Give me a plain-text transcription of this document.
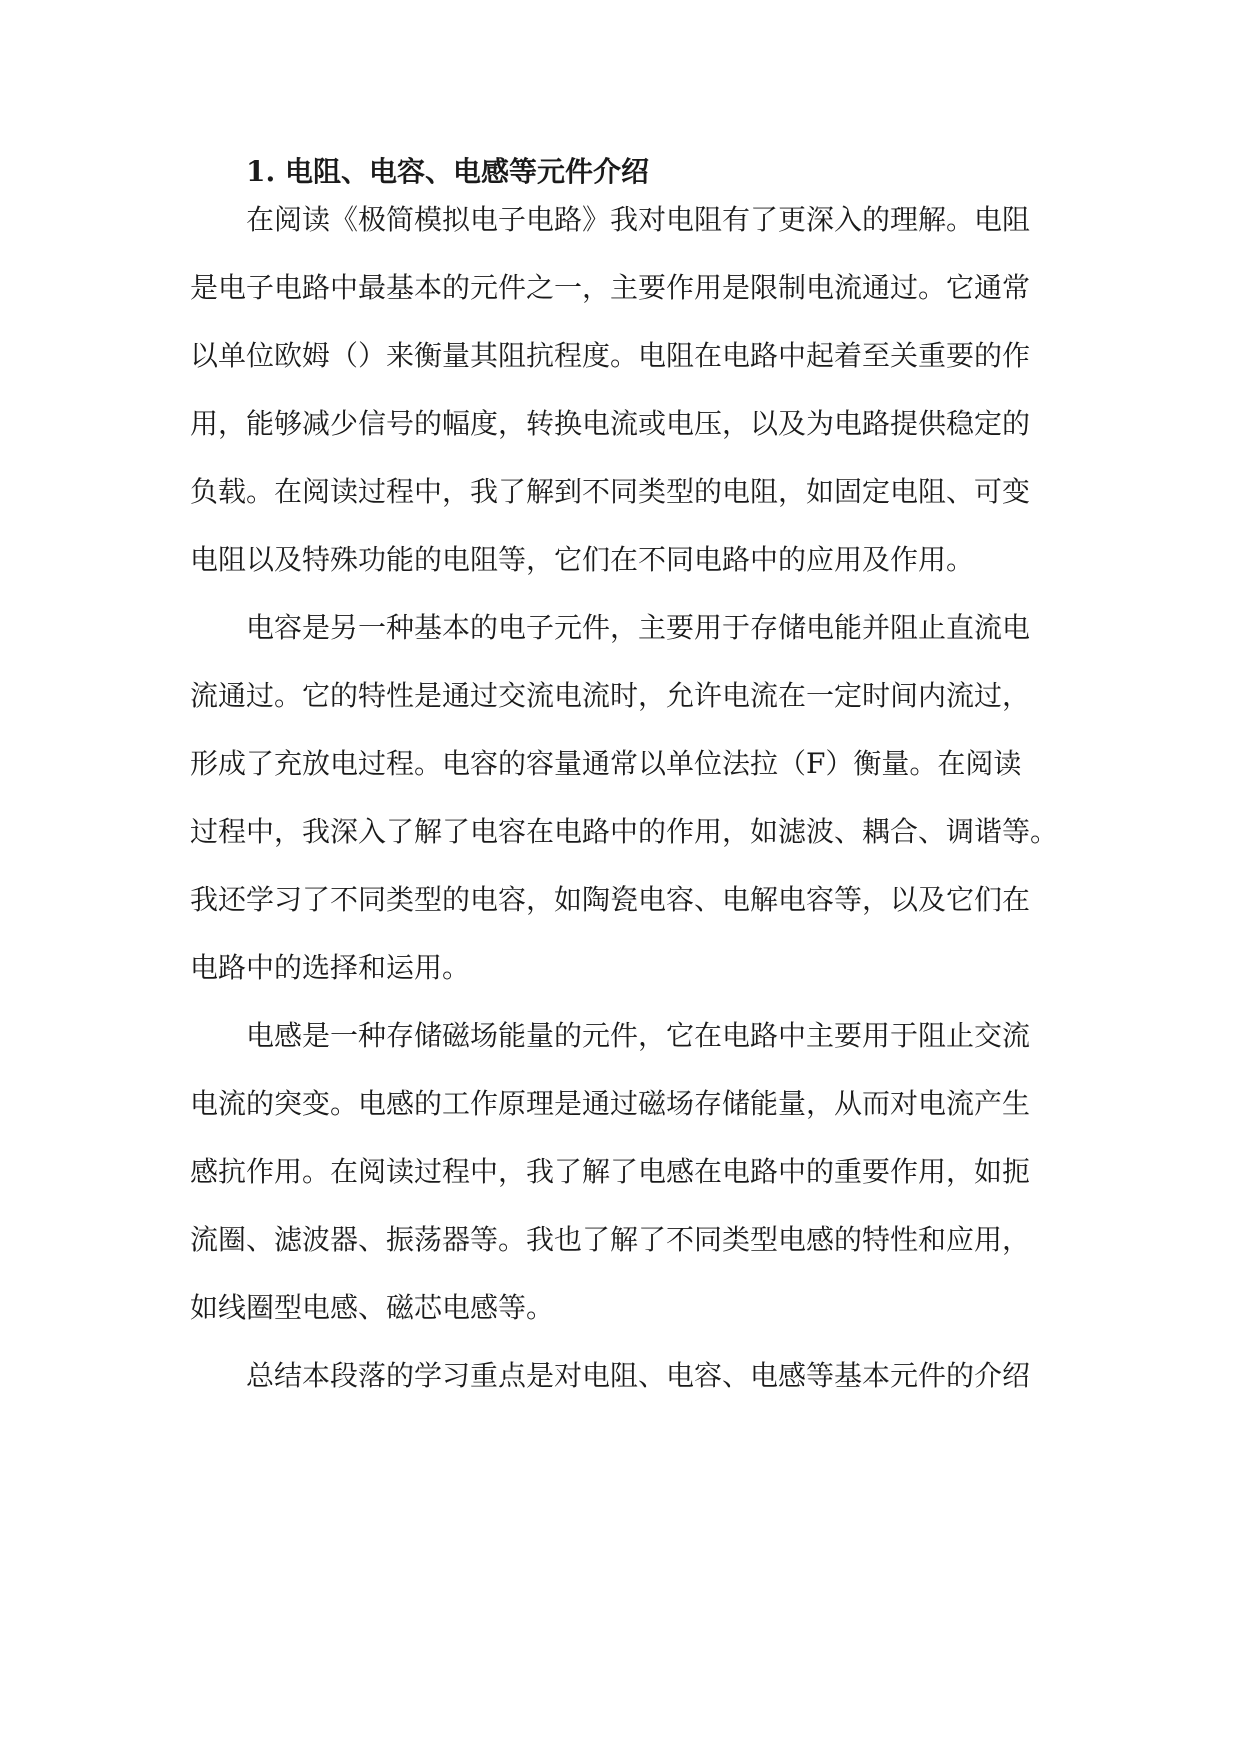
1. 电阻、电容、电感等元件介绍

在阅读《极简模拟电子电路》我对电阻有了更深入的理解。电阻

是电子电路中最基本的元件之一，主要作用是限制电流通过。它通常

以单位欧姆（）来衡量其阻抗程度。电阻在电路中起着至关重要的作

用，能够减少信号的幅度，转换电流或电压，以及为电路提供稳定的

负载。在阅读过程中，我了解到不同类型的电阻，如固定电阻、可变

电阻以及特殊功能的电阻等，它们在不同电路中的应用及作用。

电容是另一种基本的电子元件，主要用于存储电能并阻止直流电

流通过。它的特性是通过交流电流时，允许电流在一定时间内流过，

形成了充放电过程。电容的容量通常以单位法拉（F）衡量。在阅读

过程中，我深入了解了电容在电路中的作用，如滤波、耦合、调谐等。

我还学习了不同类型的电容，如陶瓷电容、电解电容等，以及它们在

电路中的选择和运用。

电感是一种存储磁场能量的元件，它在电路中主要用于阻止交流

电流的突变。电感的工作原理是通过磁场存储能量，从而对电流产生

感抗作用。在阅读过程中，我了解了电感在电路中的重要作用，如扼

流圈、滤波器、振荡器等。我也了解了不同类型电感的特性和应用，

如线圈型电感、磁芯电感等。

总结本段落的学习重点是对电阻、电容、电感等基本元件的介绍
